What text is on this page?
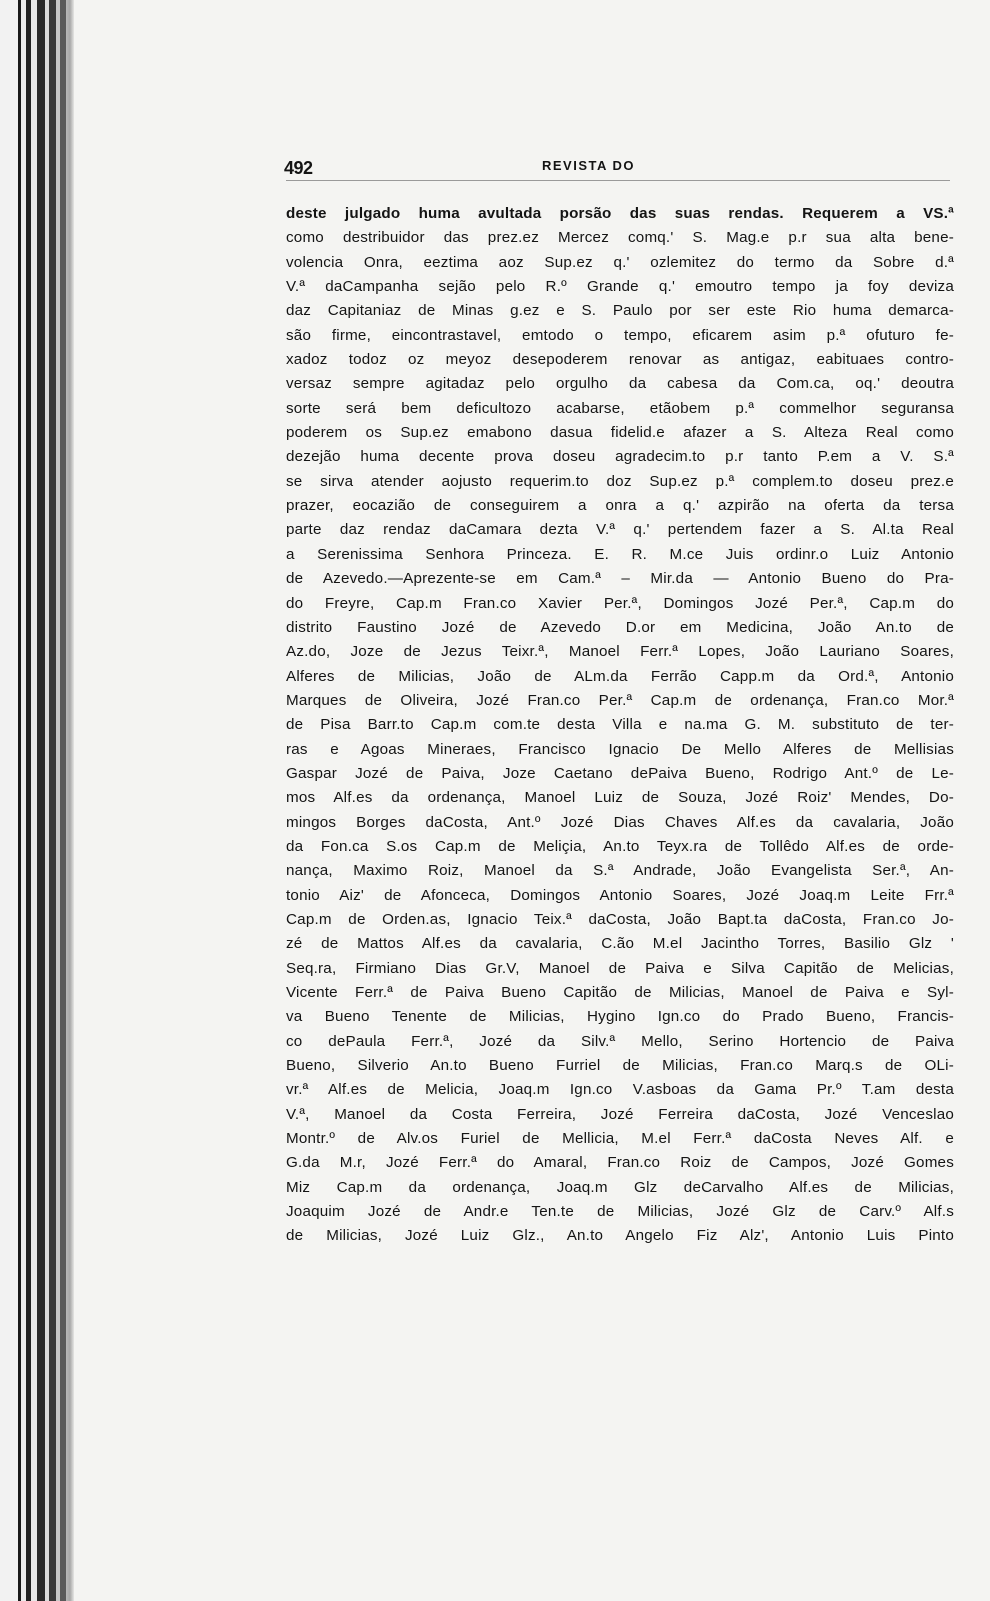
492	REVISTA DO
deste julgado huma avultada porsão das suas rendas. Requerem a VS.ª
como destribuidor das prez.ez Mercez comq.' S. Mag.e p.r sua alta bene-
volencia Onra, eeztima aoz Sup.ez q.' ozlemitez do termo da Sobre d.ª
V.ª daCampanha sejão pelo R.º Grande q.' emoutro tempo ja foy deviza
daz Capitaniaz de Minas g.ez e S. Paulo por ser este Rio huma demarca-
são firme, eincontrastavel, emtodo o tempo, eficarem asim p.ª ofuturo fe-
xadoz todoz oz meyoz desepoderem renovar as antigaz, eabituaes contro-
versaz sempre agitadaz pelo orgulho da cabesa da Com.ca, oq.' deoutra
sorte será bem deficultozo acabarse, etãobem p.ª commelhor seguransa
poderem os Sup.ez emabono dasua fidelid.e afazer a S. Alteza Real como
dezejão huma decente prova doseu agradecim.to p.r tanto P.em a V. S.ª
se sirva atender aojusto requerim.to doz Sup.ez p.ª complem.to doseu prez.e
prazer, eocazião de conseguirem a onra a q.' azpirão na oferta da tersa
parte daz rendaz daCamara dezta V.ª q.' pertendem fazer a S. Al.ta Real
a Serenissima Senhora Princeza. E. R. M.ce Juis ordinr.o Luiz Antonio
de Azevedo.—Aprezente-se em Cam.ª – Mir.da — Antonio Bueno do Pra-
do Freyre, Cap.m Fran.co Xavier Per.ª, Domingos Jozé Per.ª, Cap.m do
distrito Faustino Jozé de Azevedo D.or em Medicina, João An.to de
Az.do, Joze de Jezus Teixr.ª, Manoel Ferr.ª Lopes, João Lauriano Soares,
Alferes de Milicias, João de ALm.da Ferrão Capp.m da Ord.ª, Antonio
Marques de Oliveira, Jozé Fran.co Per.ª Cap.m de ordenança, Fran.co Mor.ª
de Pisa Barr.to Cap.m com.te desta Villa e na.ma G. M. substituto de ter-
ras e Agoas Mineraes, Francisco Ignacio De Mello Alferes de Mellisias
Gaspar Jozé de Paiva, Joze Caetano dePaiva Bueno, Rodrigo Ant.º de Le-
mos Alf.es da ordenança, Manoel Luiz de Souza, Jozé Roiz' Mendes, Do-
mingos Borges daCosta, Ant.º Jozé Dias Chaves Alf.es da cavalaria, João
da Fon.ca S.os Cap.m de Meliçia, An.to Teyx.ra de Tollêdo Alf.es de orde-
nança, Maximo Roiz, Manoel da S.ª Andrade, João Evangelista Ser.ª, An-
tonio Aiz' de Afonceca, Domingos Antonio Soares, Jozé Joaq.m Leite Frr.ª
Cap.m de Orden.as, Ignacio Teix.ª daCosta, João Bapt.ta daCosta, Fran.co Jo-
zé de Mattos Alf.es da cavalaria, C.ão M.el Jacintho Torres, Basilio Glz '
Seq.ra, Firmiano Dias Gr.V, Manoel de Paiva e Silva Capitão de Melicias,
Vicente Ferr.ª de Paiva Bueno Capitão de Milicias, Manoel de Paiva e Syl-
va Bueno Tenente de Milicias, Hygino Ign.co do Prado Bueno, Francis-
co dePaula Ferr.ª, Jozé da Silv.ª Mello, Serino Hortencio de Paiva
Bueno, Silverio An.to Bueno Furriel de Milicias, Fran.co Marq.s de OLi-
vr.ª Alf.es de Melicia, Joaq.m Ign.co V.asboas da Gama Pr.º T.am desta
V.ª, Manoel da Costa Ferreira, Jozé Ferreira daCosta, Jozé Venceslao
Montr.º de Alv.os Furiel de Mellicia, M.el Ferr.ª daCosta Neves Alf. e
G.da M.r, Jozé Ferr.ª do Amaral, Fran.co Roiz de Campos, Jozé Gomes
Miz Cap.m da ordenança, Joaq.m Glz deCarvalho Alf.es de Milicias,
Joaquim Jozé de Andr.e Ten.te de Milicias, Jozé Glz de Carv.º Alf.s
de Milicias, Jozé Luiz Glz., An.to Angelo Fiz Alz', Antonio Luis Pinto
